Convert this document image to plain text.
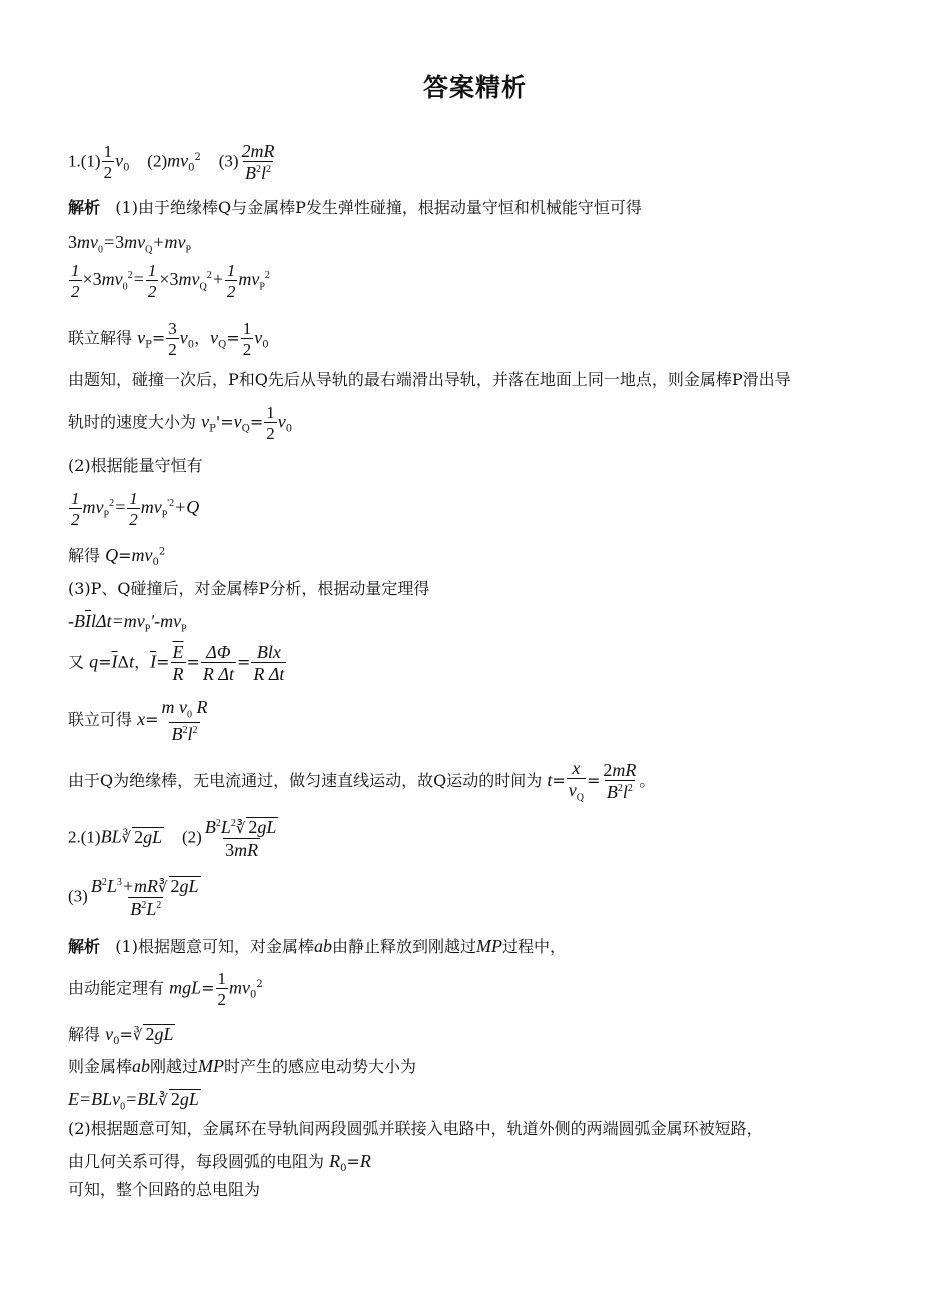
答案精析
$1.(1) \frac{1}{2} v_0$    $(2)mv_0^2$    $(3) \frac{2mR}{B^2l^2}$
解析 (1)由于绝缘棒Q与金属棒P发生弹性碰撞，根据动量守恒和机械能守恒可得
$3mv_0=3mv_Q+mv_P$
$\frac{1}{2} \times 3mv_0^2= \frac{1}{2} \times 3mv_Q^2+ \frac{1}{2} mv_P^2$
联立解得 $v_P= \frac{3}{2} v_0$，$v_Q= \frac{1}{2} v_0$
由题知，碰撞一次后，P和Q先后从导轨的最右端滑出导轨，并落在地面上同一地点，则金属棒P滑出导
轨时的速度大小为 $v_P'=v_Q= \frac{1}{2} v_0$
(2)根据能量守恒有
$\frac{1}{2} mv_P^2= \frac{1}{2} mv_P^{'2}+Q$
解得 $Q=mv_0^2$
(3)P、Q碰撞后，对金属棒P分析，根据动量定理得
$-B\overline{I}l\Delta t=mv_P'-mv_P$
又 $q=\overline{I}\Delta t$，$\overline{I}= \frac{\overline{E}}{R} = \frac{\Delta\Phi}{\text{R Δt}} = \frac{\text{Blx}}{\text{R Δt}}$
联立可得 $x= \frac{m v_0 R}{B^2l^2}$
由于Q为绝缘棒，无电流通过，做匀速直线运动，故Q运动的时间为 $t= \frac{x}{v_Q} = \frac{2mR}{B^2l^2}$ 。
2.(1)BL∛ 2gL    $(2) \frac{B^2L^2∛ 2gL}{3mR}$
$(3) \frac{B^2L^3+mR∛ 2gL}{B^2L^2}$
解析   (1)根据题意可知，对金属棒ab由静止释放到刚越过MP过程中，
由动能定理有 $mgL= \frac{1}{2} mv_0^2$
解得 $v_0=∛$ 2gL
则金属棒ab刚越过MP时产生的感应电动势大小为
E=BLv$_0$=BL∛ 2gL
(2)根据题意可知，金属环在导轨间两段圆弧并联接入电路中，轨道外侧的两端圆弧金属环被短路，
由几何关系可得，每段圆弧的电阻为 $R_0=R$
可知，整个回路的总电阻为
